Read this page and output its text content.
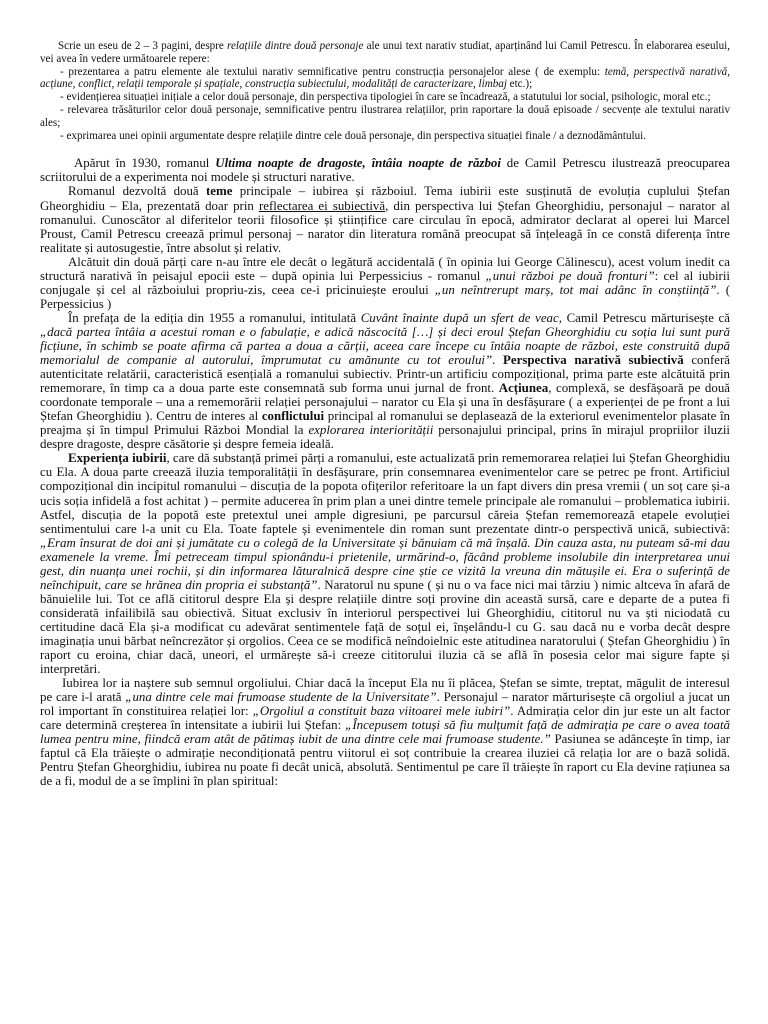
Scrie un eseu de 2 – 3 pagini, despre relațiile dintre două personaje ale unui text narativ studiat, aparținând lui Camil Petrescu. În elaborarea eseului, vei avea în vedere următoarele repere:

- prezentarea a patru elemente ale textului narativ semnificative pentru construcția personajelor alese ( de exemplu: temă, perspectivă narativă, acțiune, conflict, relații temporale și spațiale, construcția subiectului, modalități de caracterizare, limbaj etc.);

- evidențierea situației inițiale a celor două personaje, din perspectiva tipologiei în care se încadrează, a statutului lor social, psihologic, moral etc.;

- relevarea trăsăturilor celor două personaje, semnificative pentru ilustrarea relațiilor, prin raportare la două episoade / secvențe ale textului narativ ales;

- exprimarea unei opinii argumentate despre relațiile dintre cele două personaje, din perspectiva situației finale / a deznodământului.

Apărut în 1930, romanul Ultima noapte de dragoste, întâia noapte de război de Camil Petrescu ilustrează preocuparea scriitorului de a experimenta noi modele și structuri narative.

Romanul dezvoltă două teme principale – iubirea și războiul. Tema iubirii este susținută de evoluția cuplului Ștefan Gheorghidiu – Ela, prezentată doar prin reflectarea ei subiectivă, din perspectiva lui Ștefan Gheorghidiu, personajul – narator al romanului. Cunoscător al diferitelor teorii filosofice și științifice care circulau în epocă, admirator declarat al operei lui Marcel Proust, Camil Petrescu creează primul personaj – narator din literatura română preocupat să înțeleagă în ce constă diferența între realitate și autosugestie, între absolut și relativ.

Alcătuit din două părți care n-au între ele decât o legătură accidentală ( în opinia lui George Călinescu), acest volum inedit ca structură narativă în peisajul epocii este – după opinia lui Perpessicius - romanul „unui război pe două fronturi”: cel al iubirii conjugale și cel al războiului propriu-zis, ceea ce-i pricinuiește eroului „un neîntrerupt marș, tot mai adânc în conștiință”. ( Perpessicius )

În prefața de la ediția din 1955 a romanului, intitulată Cuvânt înainte după un sfert de veac, Camil Petrescu mărturisește că „dacă partea întâia a acestui roman e o fabulație, e adică născocită […] și deci eroul Ștefan Gheorghidiu cu soția lui sunt pură ficțiune, în schimb se poate afirma că partea a doua a cărții, aceea care începe cu întâia noapte de război, este construită după memorialul de companie al autorului, împrumutat cu amănunte cu tot eroului”. Perspectiva narativă subiectivă conferă autenticitate relatării, caracteristică esențială a romanului subiectiv. Printr-un artificiu compozițional, prima parte este alcătuită prin rememorare, în timp ca a doua parte este consemnată sub forma unui jurnal de front. Acțiunea, complexă, se desfășoară pe două coordonate temporale – una a rememorării relației personajului – narator cu Ela și una în desfășurare ( a experienței de pe front a lui Ștefan Gheorghidiu ). Centru de interes al conflictului principal al romanului se deplasează de la exteriorul evenimentelor plasate în preajma și în timpul Primului Război Mondial la explorarea interiorității personajului principal, prins în mirajul propriilor iluzii despre dragoste, despre căsătorie și despre femeia ideală.

Experiența iubirii, care dă substanță primei părți a romanului, este actualizată prin rememorarea relației lui Ștefan Gheorghidiu cu Ela. A doua parte creează iluzia temporalității în desfășurare, prin consemnarea evenimentelor care se petrec pe front. Artificiul compozițional din incipitul romanului – discuția de la popota ofițerilor referitoare la un fapt divers din presa vremii ( un soț care și-a ucis soția infidelă a fost achitat ) – permite aducerea în prim plan a unei dintre temele principale ale romanului – problematica iubirii. Astfel, discuția de la popotă este pretextul unei ample digresiuni, pe parcursul căreia Ștefan rememorează etapele evoluției sentimentului care l-a unit cu Ela. Toate faptele și evenimentele din roman sunt prezentate dintr-o perspectivă unică, subiectivă: „Eram însurat de doi ani și jumătate cu o colegă de la Universitate și bănuiam că mă înșală. Din cauza asta, nu puteam să-mi dau examenele la vreme. Îmi petreceam timpul spionându-i prietenile, urmărind-o, făcând probleme insolubile din interpretarea unui gest, din nuanța unei rochii, și din informarea lăturalnică despre cine știe ce vizită la vreuna din mătușile ei. Era o suferință de neînchipuit, care se hrănea din propria ei substanță”. Naratorul nu spune ( și nu o va face nici mai târziu ) nimic altceva în afară de bănuielile lui. Tot ce află cititorul despre Ela și despre relațiile dintre soți provine din această sursă, care e departe de a putea fi considerată infailibilă sau obiectivă. Situat exclusiv în interiorul perspectivei lui Gheorghidiu, cititorul nu va ști niciodată cu certitudine dacă Ela și-a modificat cu adevărat sentimentele față de soțul ei, înșelându-l cu G. sau dacă nu e vorba decât despre imaginația unui bărbat neîncrezător și orgolios. Ceea ce se modifică neîndoielnic este atitudinea naratorului ( Ștefan Gheorghidiu ) în raport cu eroina, chiar dacă, uneori, el urmărește să-i creeze cititorului iluzia că se află în posesia celor mai sigure fapte și interpretări.

Iubirea lor ia naștere sub semnul orgoliului. Chiar dacă la început Ela nu îi plăcea, Ștefan se simte, treptat, măgulit de interesul pe care i-l arată „una dintre cele mai frumoase studente de la Universitate”. Personajul – narator mărturisește că orgoliul a jucat un rol important în constituirea relației lor: „Orgoliul a constituit baza viitoarei mele iubiri”. Admirația celor din jur este un alt factor care determină creșterea în intensitate a iubirii lui Ștefan: „Începusem totuși să fiu mulțumit față de admirația pe care o avea toată lumea pentru mine, fiindcă eram atât de pătimaș iubit de una dintre cele mai frumoase studente.” Pasiunea se adâncește în timp, iar faptul că Ela trăiește o admirație necondiționată pentru viitorul ei soț contribuie la crearea iluziei că relația lor are o bază solidă. Pentru Ștefan Gheorghidiu, iubirea nu poate fi decât unică, absolută. Sentimentul pe care îl trăiește în raport cu Ela devine rațiunea sa de a fi, modul de a se împlini în plan spiritual:
